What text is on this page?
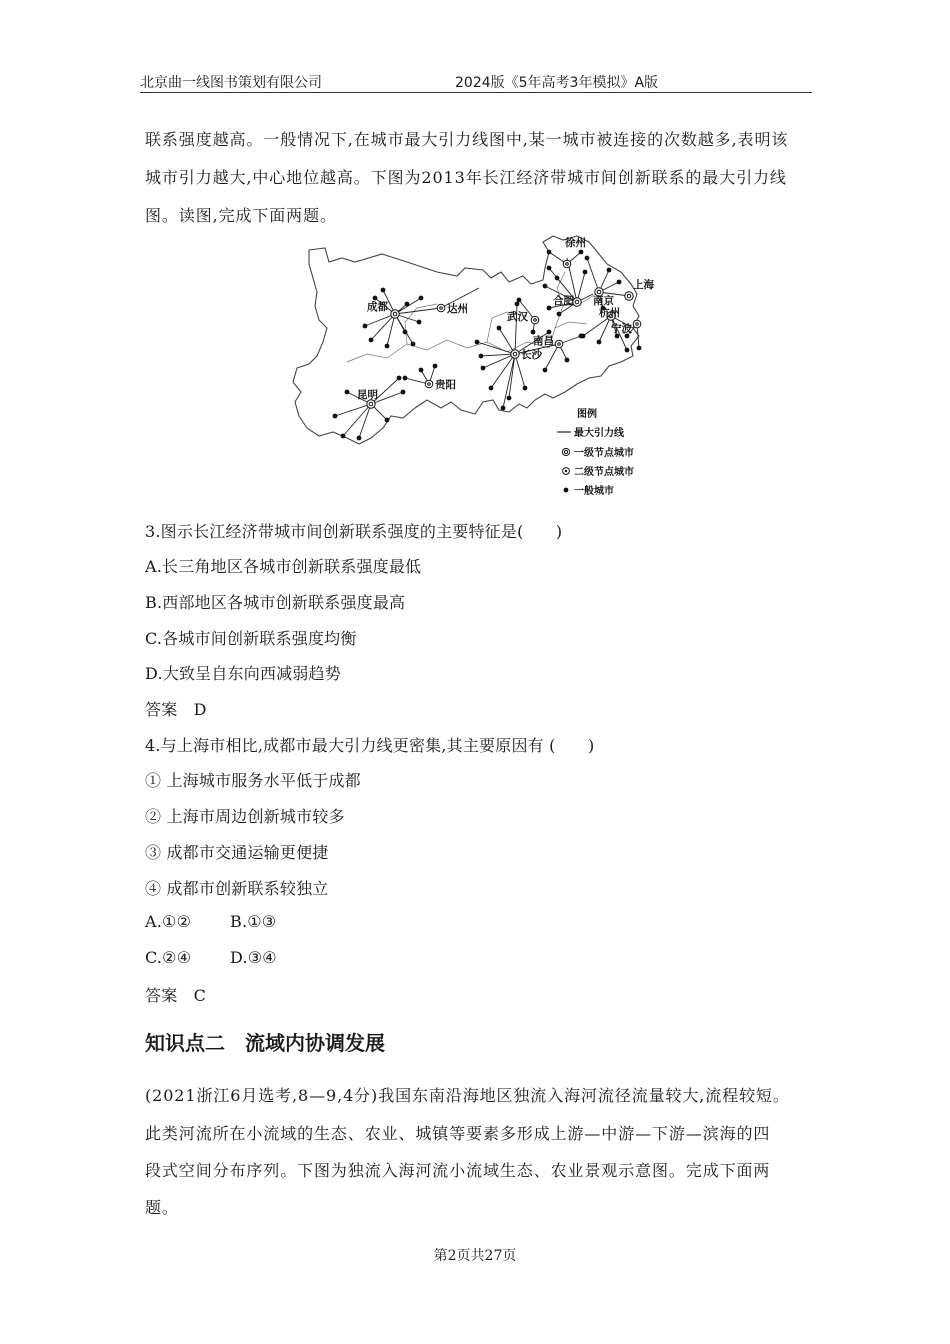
北京曲一线图书策划有限公司	2024版《5年高考3年模拟》A版
联系强度越高。一般情况下,在城市最大引力线图中,某一城市被连接的次数越多,表明该
城市引力越大,中心地位越高。下图为2013年长江经济带城市间创新联系的最大引力线
图。读图,完成下面两题。
徐州
上海
南京
合肥
杭州
宁波
成都	达州
武汉
南昌
长沙
贵阳
昆明
图例
最大引力线
一级节点城市
二级节点城市
一般城市
3.图示长江经济带城市间创新联系强度的主要特征是(　　)
A.长三角地区各城市创新联系强度最低
B.西部地区各城市创新联系强度最高
C.各城市间创新联系强度均衡
D.大致呈自东向西减弱趋势
答案　D
4.与上海市相比,成都市最大引力线更密集,其主要原因有 (　　)
① 上海城市服务水平低于成都
② 上海市周边创新城市较多
③ 成都市交通运输更便捷
④ 成都市创新联系较独立
A.①② B.①③
C.②④ D.③④
答案　C
知识点二　流域内协调发展
(2021浙江6月选考,8—9,4分)我国东南沿海地区独流入海河流径流量较大,流程较短。
此类河流所在小流域的生态、农业、城镇等要素多形成上游—中游—下游—滨海的四
段式空间分布序列。下图为独流入海河流小流域生态、农业景观示意图。完成下面两
题。
第2页共27页
